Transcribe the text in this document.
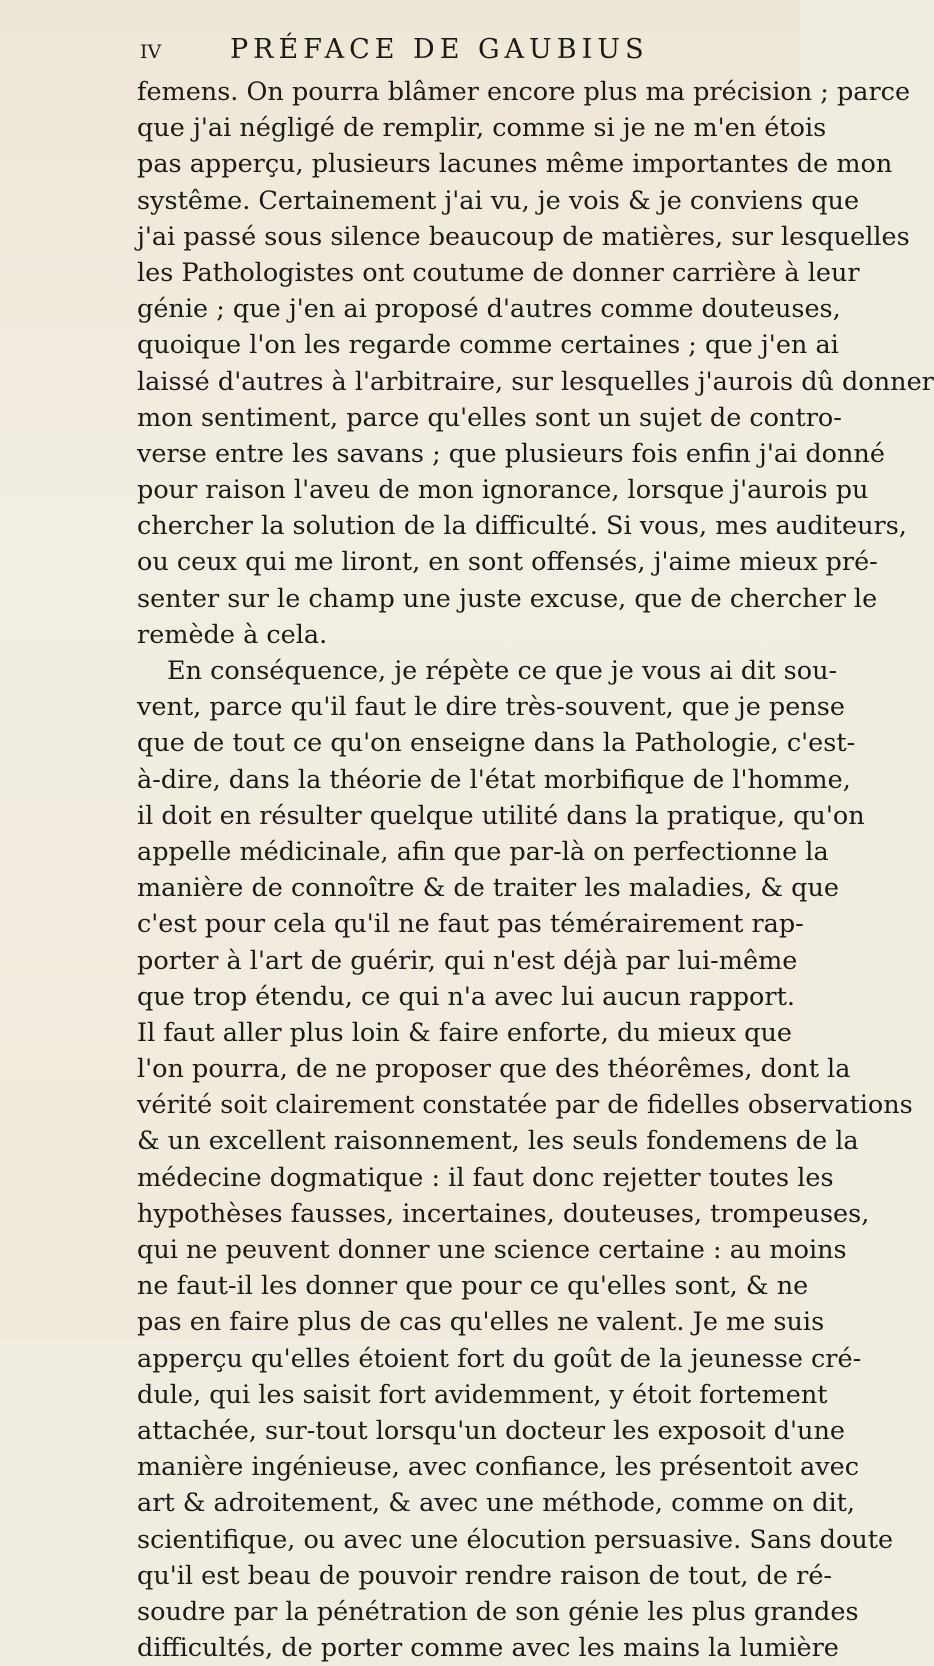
iv	PRÉFACE DE GAUBIUS
femens. On pourra blâmer encore plus ma précision ; parce
que j'ai négligé de remplir, comme si je ne m'en étois
pas apperçu, plusieurs lacunes même importantes de mon
systême. Certainement j'ai vu, je vois & je conviens que
j'ai passé sous silence beaucoup de matières, sur lesquelles
les Pathologistes ont coutume de donner carrière à leur
génie ; que j'en ai proposé d'autres comme douteuses,
quoique l'on les regarde comme certaines ; que j'en ai
laissé d'autres à l'arbitraire, sur lesquelles j'aurois dû donner
mon sentiment, parce qu'elles sont un sujet de contro-
verse entre les savans ; que plusieurs fois enfin j'ai donné
pour raison l'aveu de mon ignorance, lorsque j'aurois pu
chercher la solution de la difficulté. Si vous, mes auditeurs,
ou ceux qui me liront, en sont offensés, j'aime mieux pré-
senter sur le champ une juste excuse, que de chercher le
remède à cela.
En conséquence, je répète ce que je vous ai dit sou-
vent, parce qu'il faut le dire très-souvent, que je pense
que de tout ce qu'on enseigne dans la Pathologie, c'est-
à-dire, dans la théorie de l'état morbifique de l'homme,
il doit en résulter quelque utilité dans la pratique, qu'on
appelle médicinale, afin que par-là on perfectionne la
manière de connoître & de traiter les maladies, & que
c'est pour cela qu'il ne faut pas témérairement rap-
porter à l'art de guérir, qui n'est déjà par lui-même
que trop étendu, ce qui n'a avec lui aucun rapport.
Il faut aller plus loin & faire enforte, du mieux que
l'on pourra, de ne proposer que des théorêmes, dont la
vérité soit clairement constatée par de fidelles observations
& un excellent raisonnement, les seuls fondemens de la
médecine dogmatique : il faut donc rejetter toutes les
hypothèses fausses, incertaines, douteuses, trompeuses,
qui ne peuvent donner une science certaine : au moins
ne faut-il les donner que pour ce qu'elles sont, & ne
pas en faire plus de cas qu'elles ne valent. Je me suis
apperçu qu'elles étoient fort du goût de la jeunesse cré-
dule, qui les saisit fort avidemment, y étoit fortement
attachée, sur-tout lorsqu'un docteur les exposoit d'une
manière ingénieuse, avec confiance, les présentoit avec
art & adroitement, & avec une méthode, comme on dit,
scientifique, ou avec une élocution persuasive. Sans doute
qu'il est beau de pouvoir rendre raison de tout, de ré-
soudre par la pénétration de son génie les plus grandes
difficultés, de porter comme avec les mains la lumière
